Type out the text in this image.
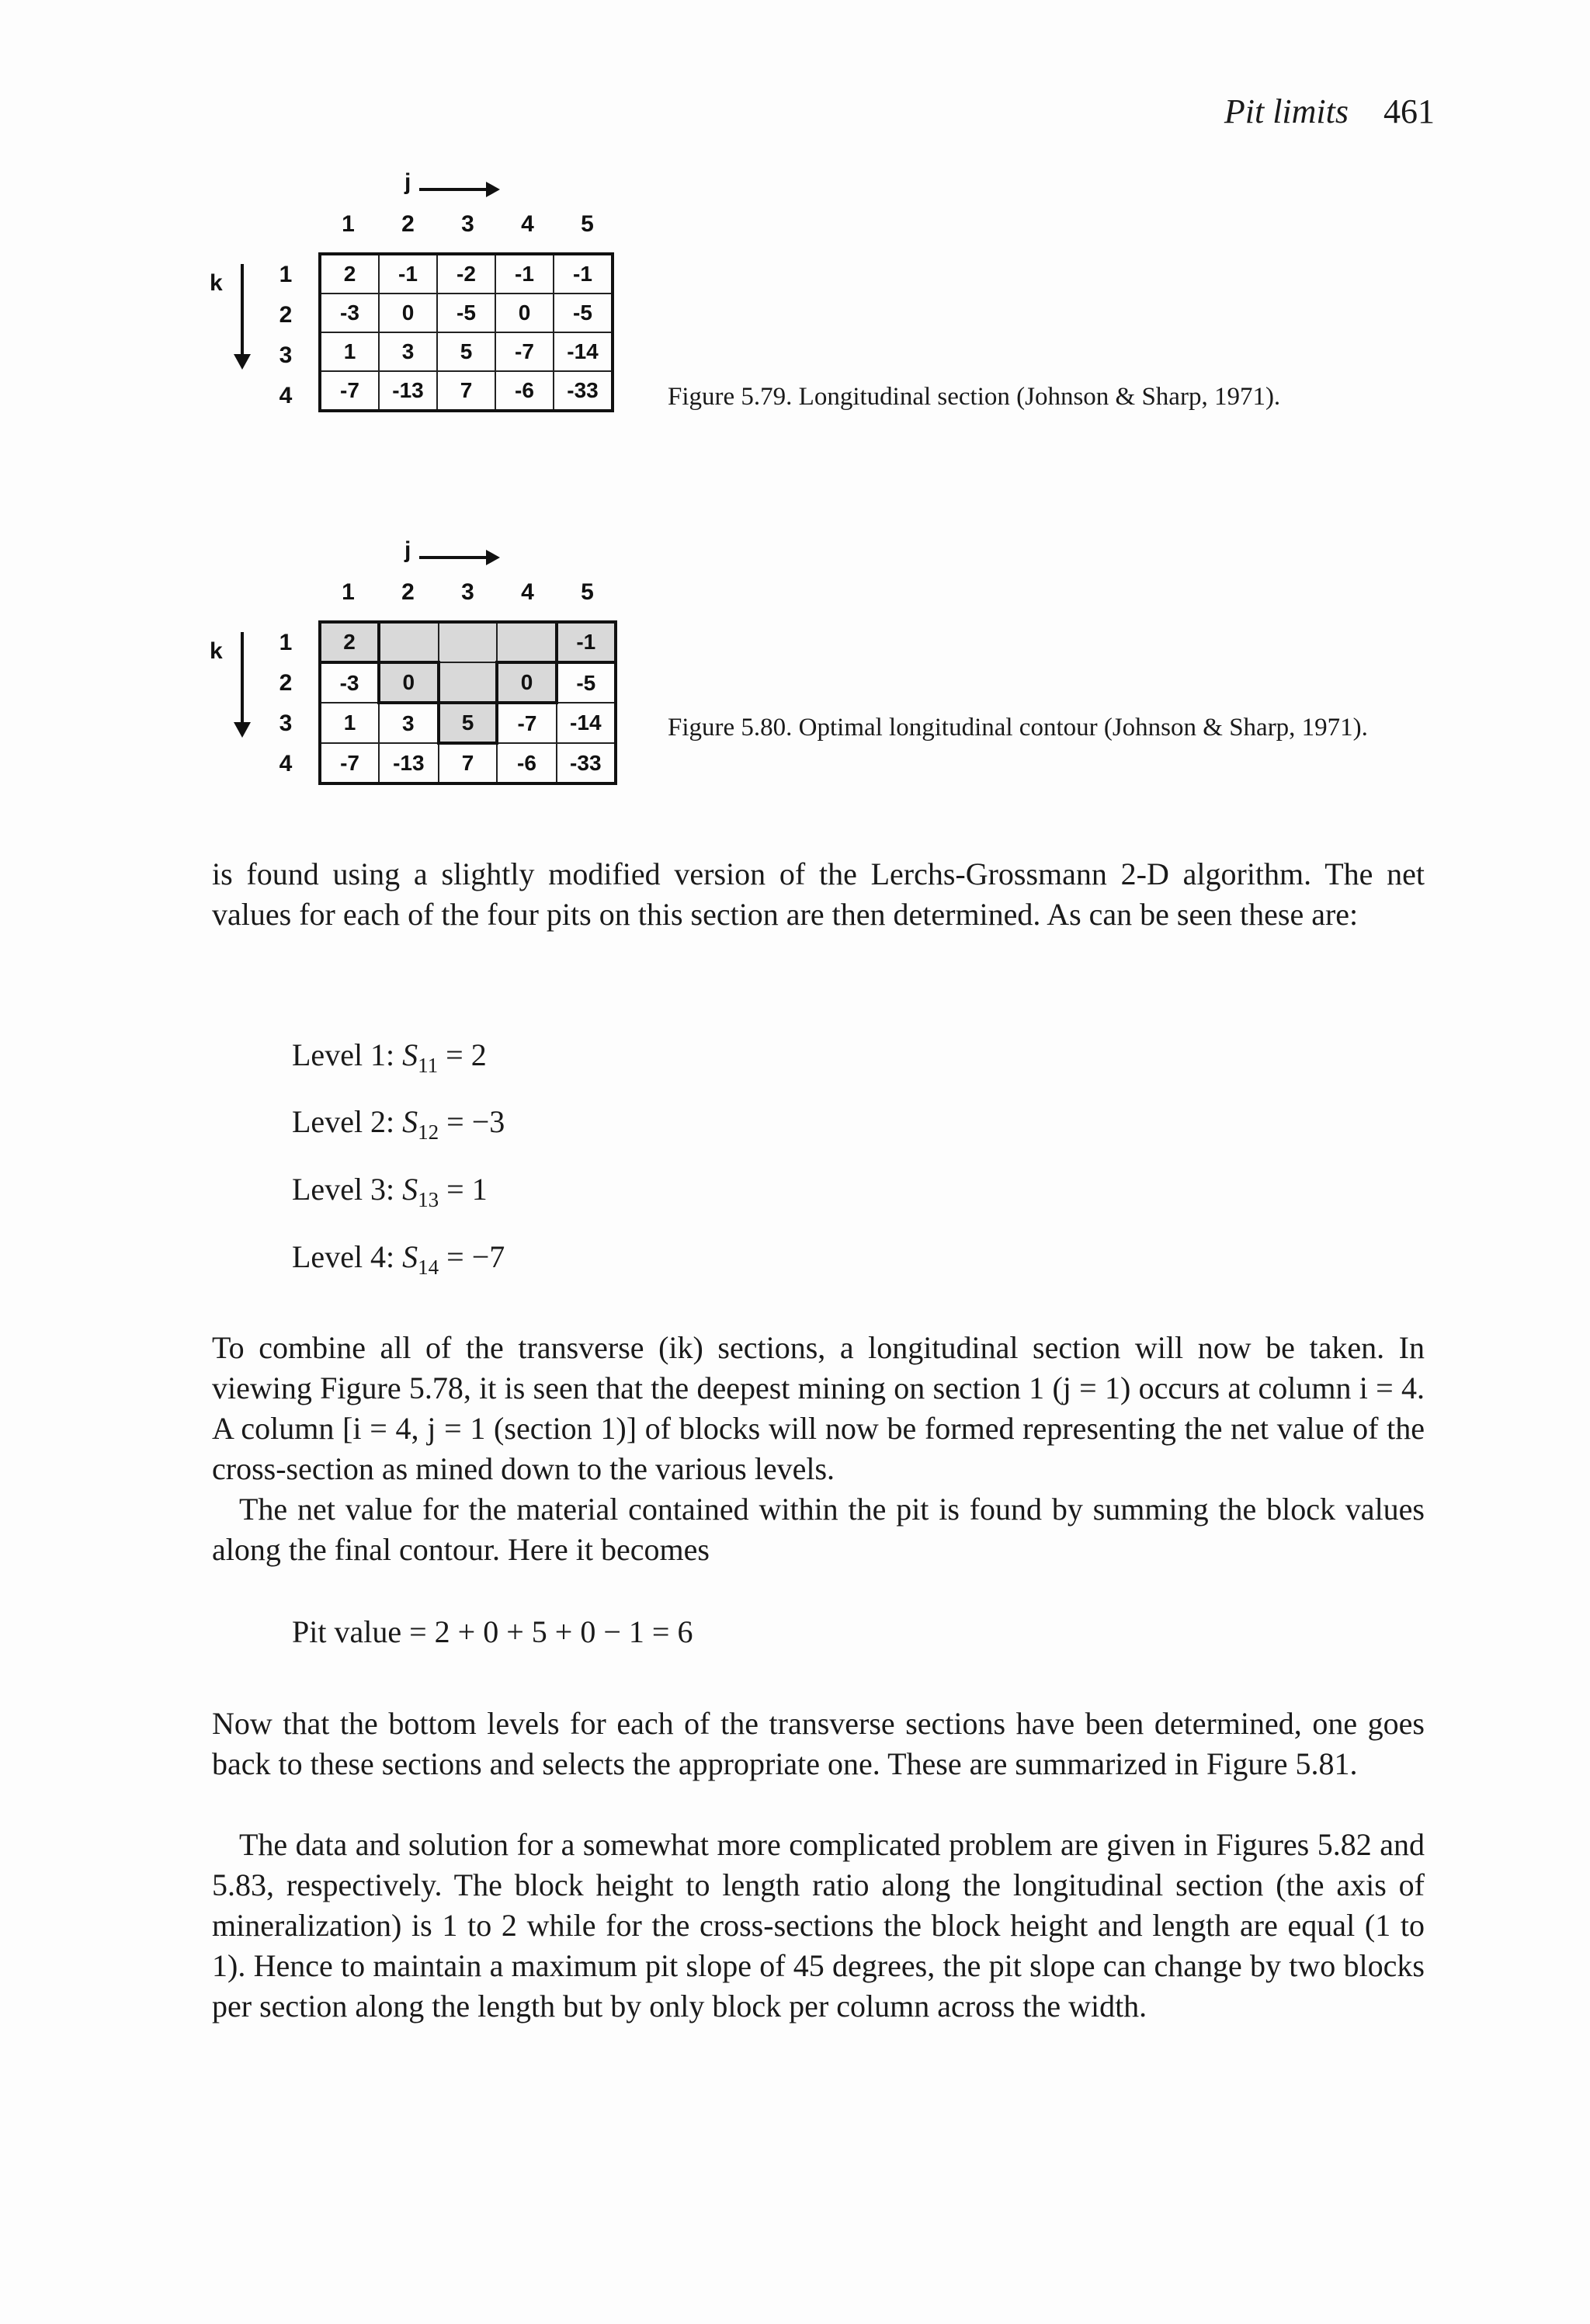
Pit limits 461
j
1	2	3	4	5
k 1
2
3
4
2	-1	-2	-1	-1
-3	0	-5	0	-5
1	3	5	-7	-14
-7	-13	7	-6	-33	Figure 5.79. Longitudinal section (Johnson & Sharp, 1971).
j
1	2	3	4	5
k 1
2
3
4
2				-1
-3	0		0	-5
1	3	5	-7	-14
-7	-13	7	-6	-33
Figure 5.80. Optimal longitudinal contour (Johnson & Sharp, 1971).

is found using a slightly modified version of the Lerchs-Grossmann 2-D algorithm. The net values for each of the four pits on this section are then determined. As can be seen these are:

Level 1: $S_{11} = 2$
Level 2: $S_{12} = -3$
Level 3: $S_{13} = 1$
Level 4: $S_{14} = -7$

To combine all of the transverse (ik) sections, a longitudinal section will now be taken. In viewing Figure 5.78, it is seen that the deepest mining on section 1 (j = 1) occurs at column i = 4. A column [i = 4, j = 1 (section 1)] of blocks will now be formed representing the net value of the cross-section as mined down to the various levels.

The net value for the material contained within the pit is found by summing the block values along the final contour. Here it becomes

Pit value = 2 + 0 + 5 + 0 − 1 = 6

Now that the bottom levels for each of the transverse sections have been determined, one goes back to these sections and selects the appropriate one. These are summarized in Figure 5.81.

The data and solution for a somewhat more complicated problem are given in Figures 5.82 and 5.83, respectively. The block height to length ratio along the longitudinal section (the axis of mineralization) is 1 to 2 while for the cross-sections the block height and length are equal (1 to 1). Hence to maintain a maximum pit slope of 45 degrees, the pit slope can change by two blocks per section along the length but by only block per column across the width.
